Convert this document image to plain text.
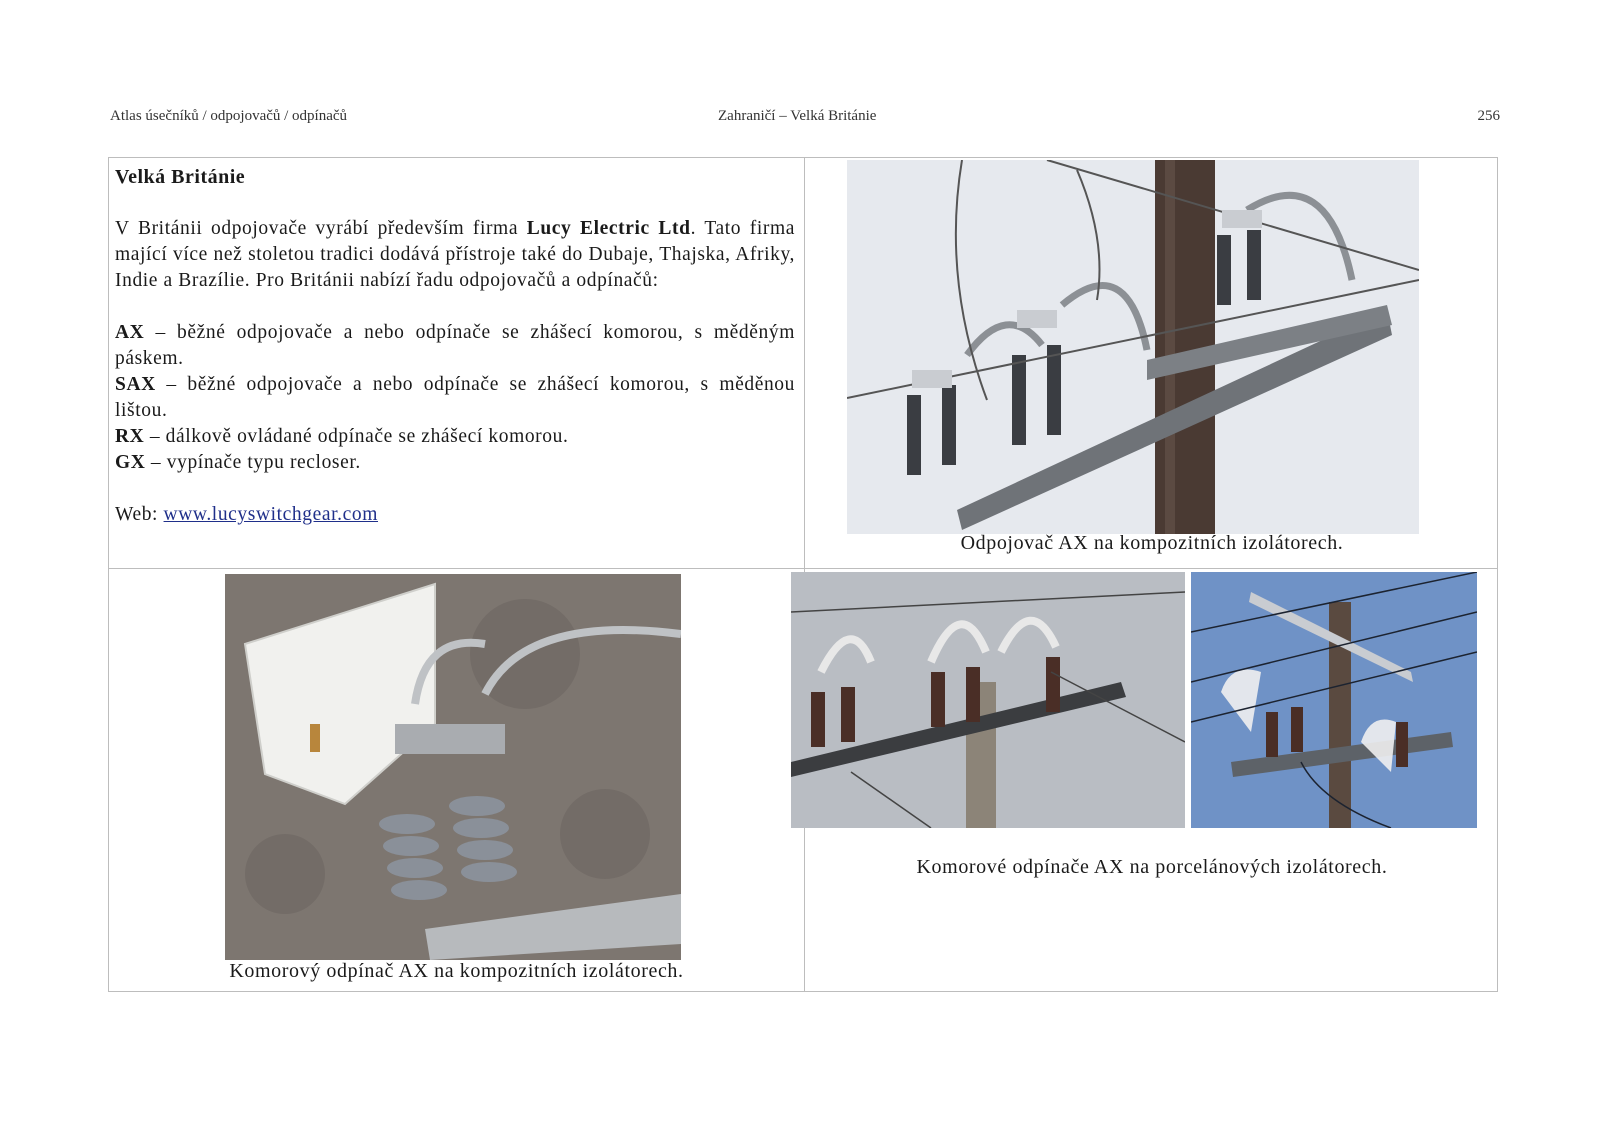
Atlas úsečníků / odpojovačů / odpínačů	Zahraničí – Velká Británie	256
Velká Británie

V Británii odpojovače vyrábí především firma Lucy Electric Ltd. Tato firma mající více než stoletou tradici dodává přístroje také do Dubaje, Thajska, Afriky, Indie a Brazílie. Pro Británii nabízí řadu odpojovačů a odpínačů:

AX – běžné odpojovače a nebo odpínače se zhášecí komorou, s měděným páskem.

SAX – běžné odpojovače a nebo odpínače se zhášecí komorou, s měděnou lištou.

RX – dálkově ovládané odpínače se zhášecí komorou.

GX – vypínače typu recloser.

Web: www.lucyswitchgear.com

Odpojovač AX na kompozitních izolátorech.
Komorový odpínač AX na kompozitních izolátorech.
Komorové odpínače AX na porcelánových izolátorech.
